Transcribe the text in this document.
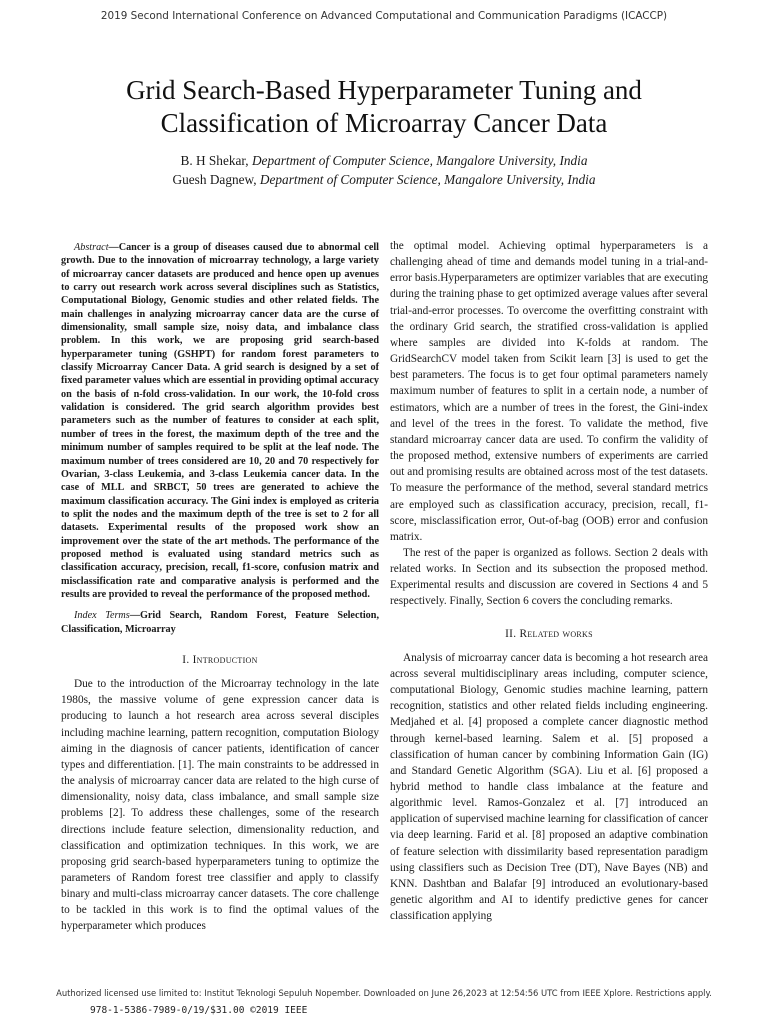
2019 Second International Conference on Advanced Computational and Communication Paradigms (ICACCP)
Grid Search-Based Hyperparameter Tuning and
Classification of Microarray Cancer Data
B. H Shekar, Department of Computer Science, Mangalore University, India
Guesh Dagnew, Department of Computer Science, Mangalore University, India

Abstract—Cancer is a group of diseases caused due to abnormal cell growth. Due to the innovation of microarray technology, a large variety of microarray cancer datasets are produced and hence open up avenues to carry out research work across several disciplines such as Statistics, Computational Biology, Genomic studies and other related fields. The main challenges in analyzing microarray cancer data are the curse of dimensionality, small sample size, noisy data, and imbalance class problem. In this work, we are proposing grid search-based hyperparameter tuning (GSHPT) for random forest parameters to classify Microarray Cancer Data. A grid search is designed by a set of fixed parameter values which are essential in providing optimal accuracy on the basis of n-fold cross-validation. In our work, the 10-fold cross validation is considered. The grid search algorithm provides best parameters such as the number of features to consider at each split, number of trees in the forest, the maximum depth of the tree and the minimum number of samples required to be split at the leaf node. The maximum number of trees considered are 10, 20 and 70 respectively for Ovarian, 3-class Leukemia, and 3-class Leukemia cancer data. In the case of MLL and SRBCT, 50 trees are generated to achieve the maximum classification accuracy. The Gini index is employed as criteria to split the nodes and the maximum depth of the tree is set to 2 for all datasets. Experimental results of the proposed work show an improvement over the state of the art methods. The performance of the proposed method is evaluated using standard metrics such as classification accuracy, precision, recall, f1-score, confusion matrix and misclassification rate and comparative analysis is performed and the results are provided to reveal the performance of the proposed method.

Index Terms—Grid Search, Random Forest, Feature Selection, Classification, Microarray

I. Introduction

Due to the introduction of the Microarray technology in the late 1980s, the massive volume of gene expression cancer data is producing to launch a hot research area across several disciples including machine learning, pattern recognition, computation Biology aiming in the diagnosis of cancer patients, identification of cancer types and differentiation. [1]. The main constraints to be addressed in the analysis of microarray cancer data are related to the high curse of dimensionality, noisy data, class imbalance, and small sample size problems [2]. To address these challenges, some of the research directions include feature selection, dimensionality reduction, and classification and optimization techniques. In this work, we are proposing grid search-based hyperparameters tuning to optimize the parameters of Random forest tree classifier and apply to classify binary and multi-class microarray cancer datasets. The core challenge to be tackled in this work is to find the optimal values of the hyperparameter which produces

the optimal model. Achieving optimal hyperparameters is a challenging ahead of time and demands model tuning in a trial-and-error basis.Hyperparameters are optimizer variables that are executing during the training phase to get optimized average values after several trial-and-error processes. To overcome the overfitting constraint with the ordinary Grid search, the stratified cross-validation is applied where samples are divided into K-folds at random. The GridSearchCV model taken from Scikit learn [3] is used to get the best parameters. The focus is to get four optimal parameters namely maximum number of features to split in a certain node, a number of estimators, which are a number of trees in the forest, the Gini-index and level of the trees in the forest. To validate the method, five standard microarray cancer data are used. To confirm the validity of the proposed method, extensive numbers of experiments are carried out and promising results are obtained across most of the test datasets. To measure the performance of the method, several standard metrics are employed such as classification accuracy, precision, recall, f1-score, misclassification error, Out-of-bag (OOB) error and confusion matrix.

The rest of the paper is organized as follows. Section 2 deals with related works. In Section and its subsection the proposed method. Experimental results and discussion are covered in Sections 4 and 5 respectively. Finally, Section 6 covers the concluding remarks.

II. Related works

Analysis of microarray cancer data is becoming a hot research area across several multidisciplinary areas including, computer science, computational Biology, Genomic studies machine learning, pattern recognition, statistics and other related fields including engineering. Medjahed et al. [4] proposed a complete cancer diagnostic method through kernel-based learning. Salem et al. [5] proposed a classification of human cancer by combining Information Gain (IG) and Standard Genetic Algorithm (SGA). Liu et al. [6] proposed a hybrid method to handle class imbalance at the feature and algorithmic level. Ramos-Gonzalez et al. [7] introduced an application of supervised machine learning for classification of cancer via deep learning. Farid et al. [8] proposed an adaptive combination of feature selection with dissimilarity based representation paradigm using classifiers such as Decision Tree (DT), Nave Bayes (NB) and KNN. Dashtban and Balafar [9] introduced an evolutionary-based genetic algorithm and AI to identify predictive genes for cancer classification applying

Authorized licensed use limited to: Institut Teknologi Sepuluh Nopember. Downloaded on June 26,2023 at 12:54:56 UTC from IEEE Xplore. Restrictions apply.
978-1-5386-7989-0/19/$31.00 ©2019 IEEE
